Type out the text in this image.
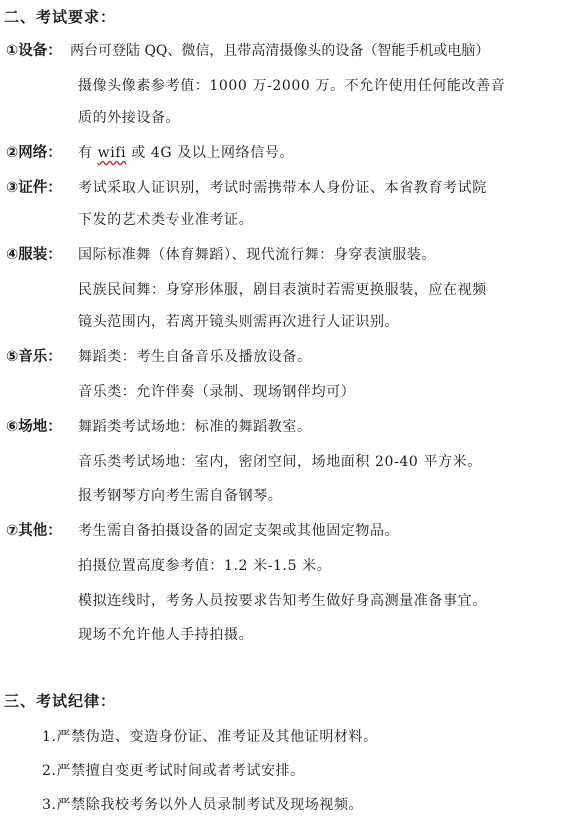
二、考试要求：
①设备： 两台可登陆 QQ、微信，且带高清摄像头的设备（智能手机或电脑）
摄像头像素参考值：1000 万-2000 万。不允许使用任何能改善音
质的外接设备。
②网络： 有 wifi 或 4G 及以上网络信号。
③证件： 考试采取人证识别，考试时需携带本人身份证、本省教育考试院
下发的艺术类专业准考证。
④服装： 国际标准舞（体育舞蹈）、现代流行舞：身穿表演服装。
民族民间舞：身穿形体服，剧目表演时若需更换服装，应在视频
镜头范围内，若离开镜头则需再次进行人证识别。
⑤音乐： 舞蹈类：考生自备音乐及播放设备。
音乐类：允许伴奏（录制、现场钢伴均可）
⑥场地： 舞蹈类考试场地：标准的舞蹈教室。
音乐类考试场地：室内，密闭空间，场地面积 20-40 平方米。
报考钢琴方向考生需自备钢琴。
⑦其他： 考生需自备拍摄设备的固定支架或其他固定物品。
拍摄位置高度参考值：1.2 米-1.5 米。
模拟连线时，考务人员按要求告知考生做好身高测量准备事宜。
现场不允许他人手持拍摄。
三、考试纪律：
1.严禁伪造、变造身份证、准考证及其他证明材料。
2.严禁擅自变更考试时间或者考试安排。
3.严禁除我校考务以外人员录制考试及现场视频。
